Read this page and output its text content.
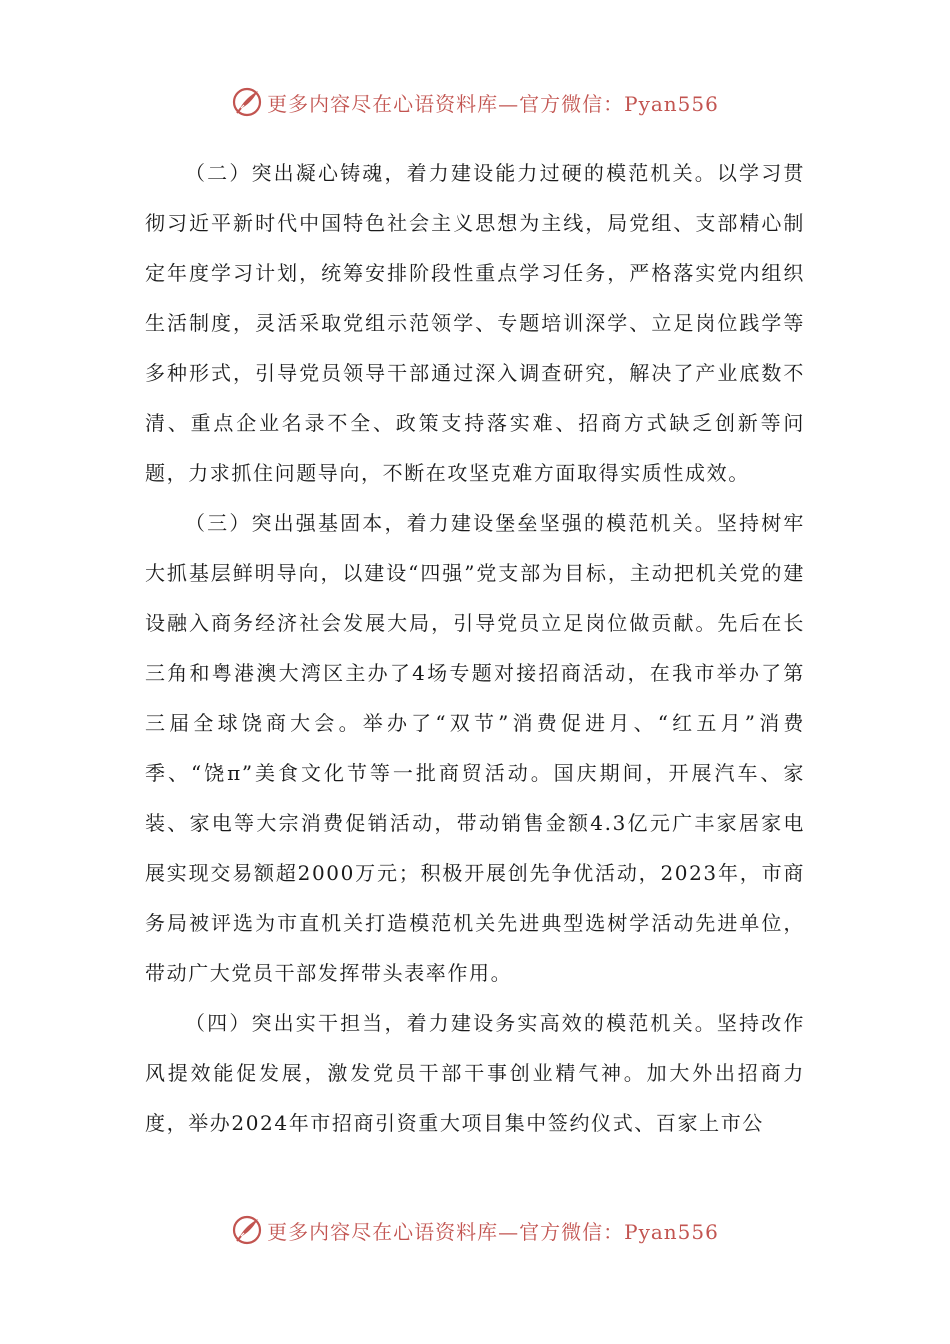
更多内容尽在心语资料库—官方微信：Pyan556

（二）突出凝心铸魂，着力建设能力过硬的模范机关。以学习贯彻习近平新时代中国特色社会主义思想为主线，局党组、支部精心制定年度学习计划，统筹安排阶段性重点学习任务，严格落实党内组织生活制度，灵活采取党组示范领学、专题培训深学、立足岗位践学等多种形式，引导党员领导干部通过深入调查研究，解决了产业底数不清、重点企业名录不全、政策支持落实难、招商方式缺乏创新等问题，力求抓住问题导向，不断在攻坚克难方面取得实质性成效。

（三）突出强基固本，着力建设堡垒坚强的模范机关。坚持树牢大抓基层鲜明导向，以建设“四强”党支部为目标，主动把机关党的建设融入商务经济社会发展大局，引导党员立足岗位做贡献。先后在长三角和粤港澳大湾区主办了4场专题对接招商活动，在我市举办了第三届全球饶商大会。举办了“双节”消费促进月、“红五月”消费季、“饶π”美食文化节等一批商贸活动。国庆期间，开展汽车、家装、家电等大宗消费促销活动，带动销售金额4.3亿元广丰家居家电展实现交易额超2000万元；积极开展创先争优活动，2023年，市商务局被评选为市直机关打造模范机关先进典型选树学活动先进单位，带动广大党员干部发挥带头表率作用。

（四）突出实干担当，着力建设务实高效的模范机关。坚持改作风提效能促发展，激发党员干部干事创业精气神。加大外出招商力度，举办2024年市招商引资重大项目集中签约仪式、百家上市公

更多内容尽在心语资料库—官方微信：Pyan556
